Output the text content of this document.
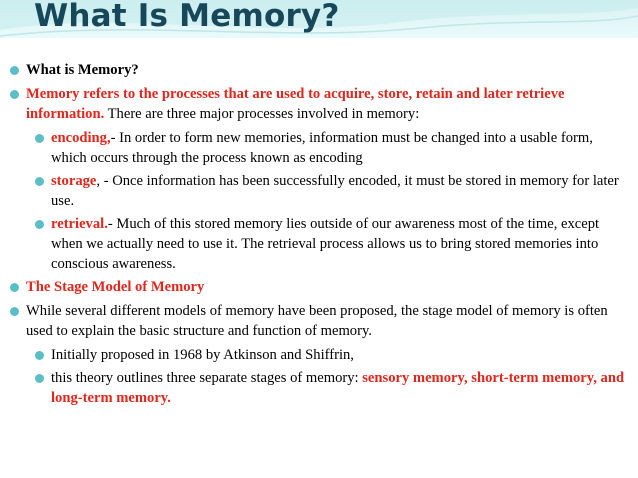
What Is Memory?
What is Memory?
Memory refers to the processes that are used to acquire, store, retain and later retrieve information. There are three major processes involved in memory:
encoding,- In order to form new memories, information must be changed into a usable form, which occurs through the process known as encoding
storage, - Once information has been successfully encoded, it must be stored in memory for later use.
retrieval.- Much of this stored memory lies outside of our awareness most of the time, except when we actually need to use it. The retrieval process allows us to bring stored memories into conscious awareness.
The Stage Model of Memory
While several different models of memory have been proposed, the stage model of memory is often used to explain the basic structure and function of memory.
Initially proposed in 1968 by Atkinson and Shiffrin,
this theory outlines three separate stages of memory: sensory memory, short-term memory, and long-term memory.
